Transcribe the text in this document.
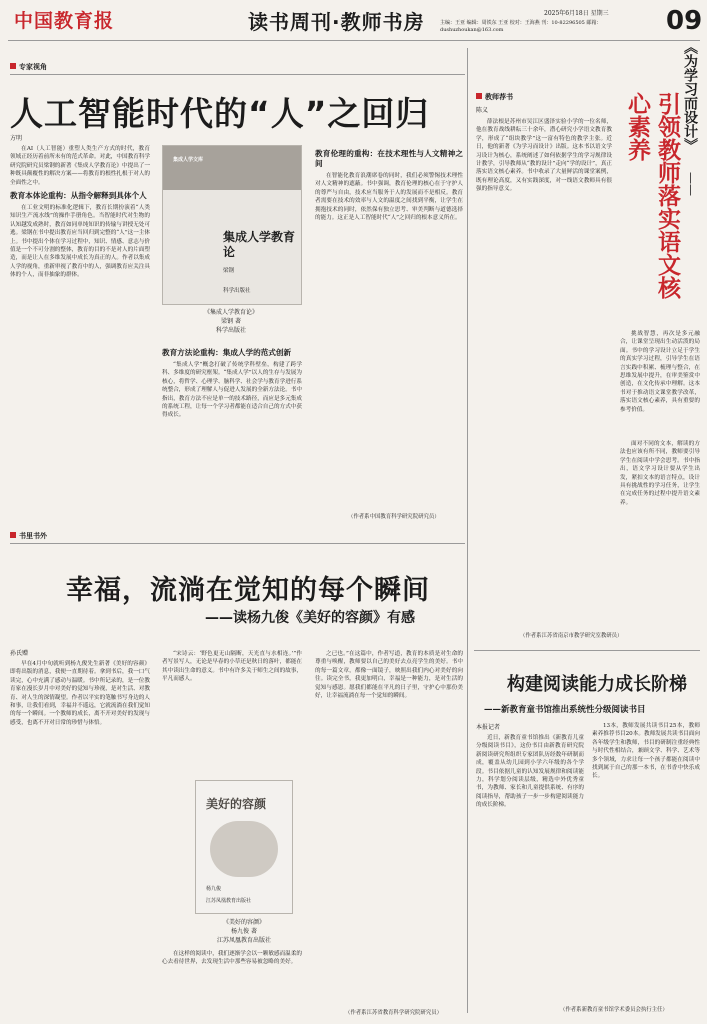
中国教育报	读书周刊·教师书房	2025年6月18日 星期三
主编：王亚 编辑：周铁东 王亚 校对：王海燕 刊：10-82296505 邮箱：dushuzhoukan@163.com	09
专家视角
人工智能时代的“人”之回归
方明

在AI（人工智能）重塑人类生产方式的时代，教育领域正经历着前所未有的范式革命。对此，中国教育科学研究院研究员梁钢的新著《集成人学教育论》中提出了一种既具颠覆性的解决方案——将教育的根性扎根于对人的全面性之中。

教育本体论重构：从指令解释到具体个人

在工业文明的标准化逻辑下，教育长期扮演着“人类知识生产流水线”的操作手册角色。当智能时代对生物的认知越发成熟时，教育如同单纯知识的传输与讲授无处可逃。梁钢在书中提出教育应当回归到完整的“人”这一主体上。书中提出个体在学习过程中，知识、情感、意志与价值是一个不可分割的整体，教育的目的不是对人的片面塑造，而是让人在多维发展中成长为真正的人。作者以集成人学的视角，重新审视了教育中的人，强调教育应关注具体的个人，而非抽象的群体。

集成人学文库
集成人学教育论
梁钢
科学出版社
《集成人学教育论》
梁钢 著
科学出版社
教育方法论重构：集成人学的范式创新

“集成人学”概念打破了传统学科壁垒，构建了跨学科、多维度的研究框架。“集成人学”以人的生存与发展为核心，将哲学、心理学、脑科学、社会学与教育学进行系统整合，形成了理解人与促进人发展的全新方法论。书中指出，教育方法不应是单一的技术路径，而应是多元集成的系统工程，让每一个学习者都能在适合自己的方式中获得成长。

教育伦理的重构：在技术理性与人文精神之间

在智能化教育浪潮席卷的同时，我们必须警惕技术理性对人文精神的遮蔽。书中强调，教育伦理的核心在于守护人的尊严与自由，技术应当服务于人的发展而不是相反。教育者需要在技术的效率与人文的温度之间找到平衡，让学生在拥抱技术的同时，依然保有独立思考、审美判断与道德选择的能力。这正是人工智能时代“人”之回归的根本意义所在。

（作者系中国教育科学研究院研究员）
书里书外
幸福，流淌在觉知的每个瞬间
——读杨九俊《美好的容颜》有感
孙氏赠

早在4月中旬就听到杨九俊先生新著《美好的容颜》即将出版的消息，我便一直期待着。拿到书后，我一口气读完，心中充满了感动与温暖。书中所记录的，是一位教育家在漫长岁月中对美好的觉知与珍视，是对生活、对教育、对人生的深情凝望。作者以平实的笔触书写身边的人和事，让我们看到，幸福并不遥远，它就流淌在我们觉知的每一个瞬间。一个教师的成长，离不开对美好的发现与感受，也离不开对日常的珍惜与体悟。

“宋诗云：‘野色更无山隔断，天光直与水相连。’”作者写景写人，无论是早春的小草还是秋日的落叶，都能在其中读出生命的意义。书中有许多关于师生之间的故事，平凡而感人。

美好的容颜
杨九俊
江苏凤凰教育出版社
《美好的容颜》
杨九俊 著
江苏凤凰教育出版社

在这样的阅读中，我们逐渐学会以一颗敏感而温柔的心去看待世界，去发现生活中那些容易被忽略的美好。

之已也。”在这篇中，作者写道，教育的本质是对生命的尊重与唤醒，教师要以自己的美好去点亮学生的美好。书中的每一篇文章，都像一面镜子，映照出我们内心对美好的向往。读完全书，我更加明白，幸福是一种能力，是对生活的觉知与感恩。愿我们都能在平凡的日子里，守护心中那份美好，让幸福流淌在每一个觉知的瞬间。

（作者系江苏省教育科学研究院研究员）
教师荐书	《为学习而设计》
——
引领教师落实语文核心素养
陈义

薛法根是苏州市吴江区盛泽实验小学的一位名师，他在教育战线耕耘三十余年，潜心研究小学语文教育教学，形成了“组块教学”这一富有特色的教学主张。近日，他的新著《为学习而设计》出版。这本书以语文学习设计为核心，系统阐述了如何依据学生的学习规律设计教学，引导教师从“教的设计”走向“学的设计”，真正落实语文核心素养。书中收录了大量鲜活的课堂案例，既有理论高度，又有实践深度，对一线语文教师具有很强的指导意义。

挑战智慧，再次是多元融合，让课堂呈现出生动活泼的局面。书中的学习设计立足于学生的真实学习过程，引导学生在语言实践中积累、梳理与整合，在思维发展中提升，在审美鉴赏中创造，在文化传承中理解。这本书对于推动语文课堂教学改革，落实语文核心素养，具有重要的参考价值。

面对不同的文本，解读的方法也应该有所不同，教师要引导学生在阅读中学会思考。书中指出，语文学习设计要从学生出发，紧扣文本的语言特点，设计具有挑战性的学习任务，让学生在完成任务的过程中提升语文素养。

（作者系江苏省南京市教学研究室教研员）
构建阅读能力成长阶梯
——新教育童书馆推出系统性分级阅读书目
本报记者

近日，新教育童书馆推出《新教育儿童分级阅读书目》，这份书目由新教育研究院新阅读研究所组织专家团队历经数年研制而成，覆盖从幼儿园到小学六年级的各个学段。书目依据儿童的认知发展规律和阅读能力，科学划分阅读层级，精选中外优秀童书，为教师、家长和儿童提供系统、有序的阅读指导，帮助孩子一步一步构建阅读能力的成长阶梯。

13本，教师发展共读书目25本，教师素养推荐书目20本。教师发展共读书目面向各年级学生和教师，书目的研制注重经典性与时代性相结合，兼顾文学、科学、艺术等多个领域，力求让每一个孩子都能在阅读中找到属于自己的那一本书，在书香中快乐成长。

（作者系新教育童书馆学术委员会执行主任）
